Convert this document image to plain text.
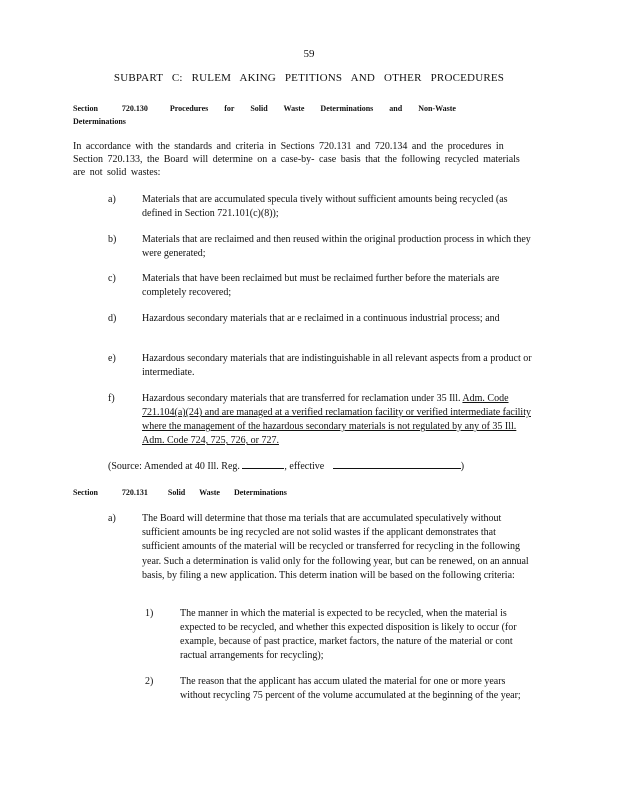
59
SUBPART C: RULEM AKING PETITIONS AND OTHER PROCEDURES
Section	720.130	Procedures for Solid Waste Determinations and Non-Waste
Determinations
In accordance with the standards and criteria in Sections 720.131 and 720.134 and the procedures in Section 720.133, the Board will determine on a case-by- case basis that the following recycled materials are not solid wastes:
a)	Materials that are accumulated specula tively without sufficient amounts being recycled (as defined in Section 721.101(c)(8));
b)	Materials that are reclaimed and then reused within the original production process in which they were generated;
c)	Materials that have been reclaimed but must be reclaimed further before the materials are completely recovered;
d)	Hazardous secondary materials that ar e reclaimed in a continuous industrial process; and
e)	Hazardous secondary materials that are indistinguishable in all relevant aspects from a product or intermediate.
f)	Hazardous secondary materials that are transferred for reclamation under 35 Ill. Adm. Code 721.104(a)(24) and are managed at a verified reclamation facility or verified intermediate facility where the management of the hazardous secondary materials is not regulated by any of 35 Ill. Adm. Code 724, 725, 726, or 727.
(Source: Amended at 40 Ill. Reg.	, effective	)
Section	720.131	Solid Waste Determinations
a)	The Board will determine that those ma terials that are accumulated speculatively without sufficient amounts be ing recycled are not solid wastes if the applicant demonstrates that sufficient amounts of the material will be recycled or transferred for recycling in the following year. Such a determination is valid only for the following year, but can be renewed, on an annual basis, by filing a new application. This determ ination will be based on the following criteria:
1)	The manner in which the material is expected to be recycled, when the material is expected to be recycled, and whether this expected disposition is likely to occur (for example, because of past practice, market factors, the nature of the material or cont ractual arrangements for recycling);
2)	The reason that the applicant has accum ulated the material for one or more years without recycling 75 percent of the volume accumulated at the beginning of the year;
